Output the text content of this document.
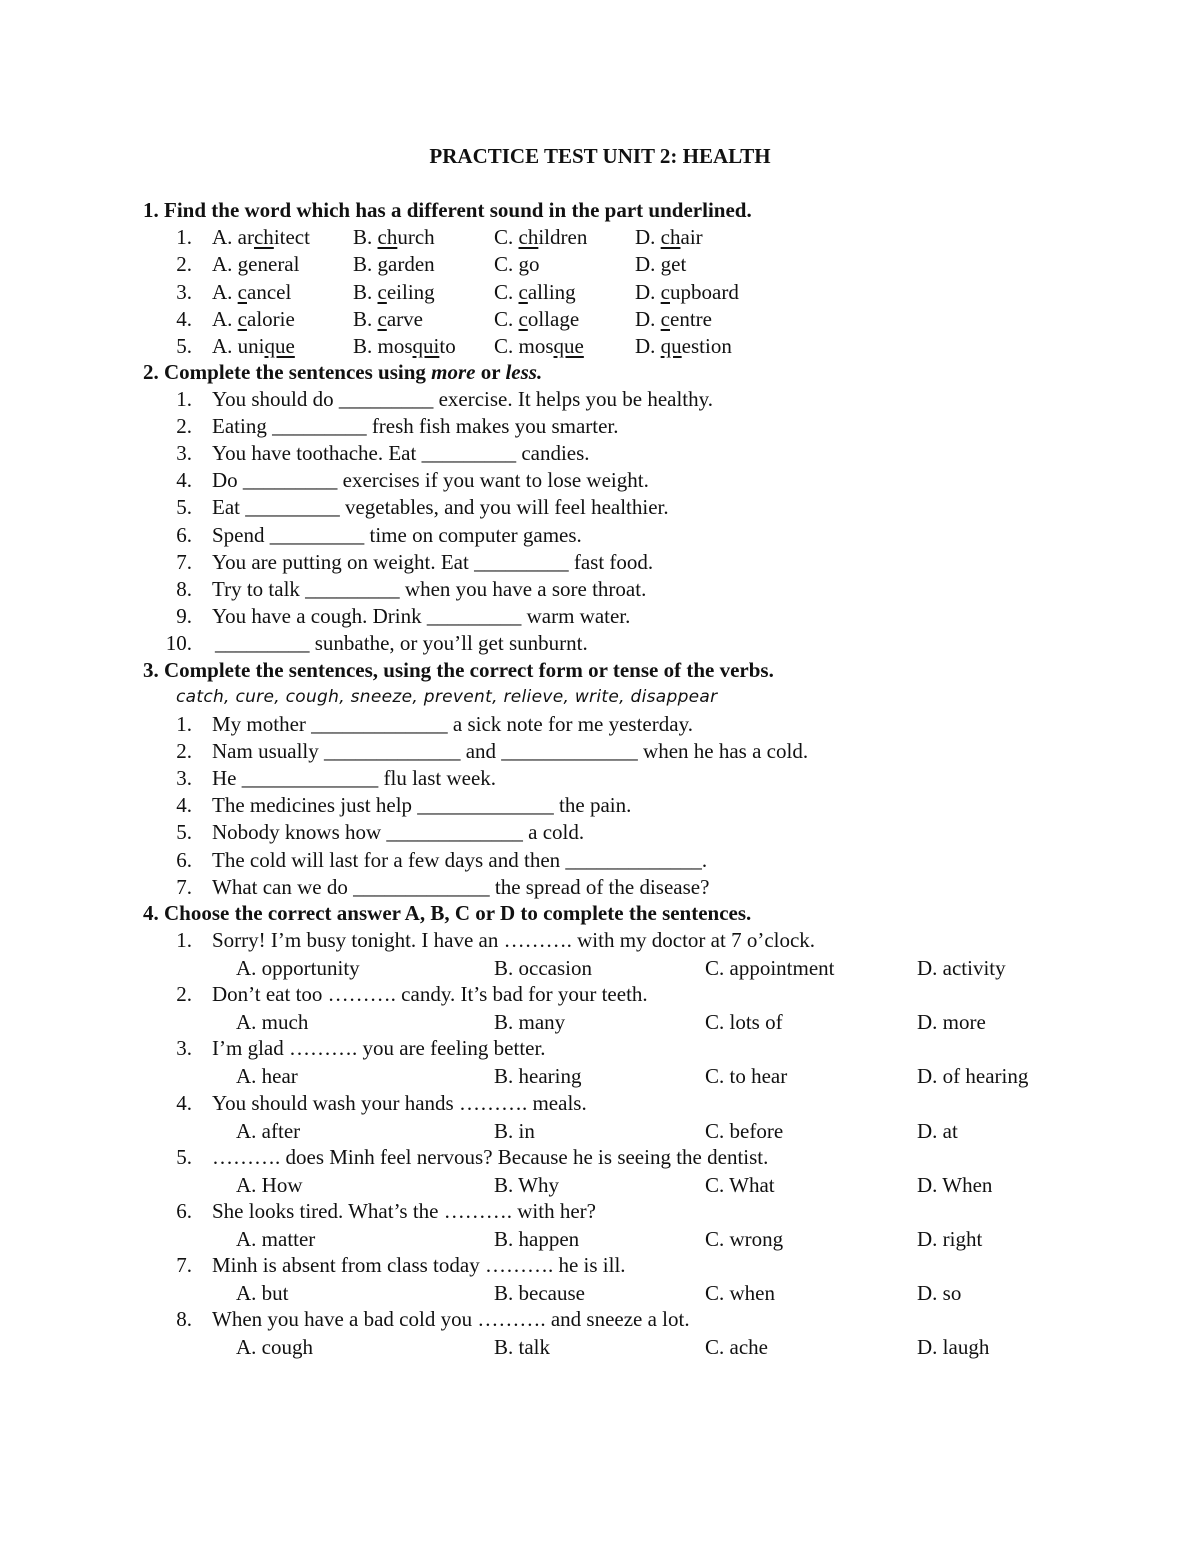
PRACTICE TEST UNIT 2: HEALTH
1. Find the word which has a different sound in the part underlined.
1. A. architect B. church	C. children D. chair
2. A. general	B. garden	C. go	D. get
3. A. cancel	B. ceiling	C. calling	D. cupboard
4. A. calorie	B. carve	C. collage	D. centre
5. A. unique	B. mosquito C. mosque D. question
2. Complete the sentences using more or less.
1. You should do _________ exercise. It helps you be healthy.
2. Eating _________ fresh fish makes you smarter.
3. You have toothache. Eat _________ candies.
4. Do _________ exercises if you want to lose weight.
5. Eat _________ vegetables, and you will feel healthier.
6. Spend _________ time on computer games.
7. You are putting on weight. Eat _________ fast food.
8. Try to talk _________ when you have a sore throat.
9. You have a cough. Drink _________ warm water.
10. _________ sunbathe, or you’ll get sunburnt.
3. Complete the sentences, using the correct form or tense of the verbs.
catch, cure, cough, sneeze, prevent, relieve, write, disappear
1. My mother _____________ a sick note for me yesterday.
2. Nam usually _____________ and _____________ when he has a cold.
3. He _____________ flu last week.
4. The medicines just help _____________ the pain.
5. Nobody knows how _____________ a cold.
6. The cold will last for a few days and then _____________.
7. What can we do _____________ the spread of the disease?
4. Choose the correct answer A, B, C or D to complete the sentences.
1. Sorry! I’m busy tonight. I have an ………. with my doctor at 7 o’clock.
A. opportunity	B. occasion	C. appointment	D. activity
2. Don’t eat too ………. candy. It’s bad for your teeth.
A. much	B. many	C. lots of	D. more
3. I’m glad ………. you are feeling better.
A. hear	B. hearing	C. to hear	D. of hearing
4. You should wash your hands ………. meals.
A. after	B. in	C. before	D. at
5. ………. does Minh feel nervous? Because he is seeing the dentist.
A. How	B. Why	C. What	D. When
6. She looks tired. What’s the ………. with her?
A. matter	B. happen	C. wrong	D. right
7. Minh is absent from class today ………. he is ill.
A. but	B. because	C. when	D. so
8. When you have a bad cold you ………. and sneeze a lot.
A. cough	B. talk	C. ache	D. laugh
